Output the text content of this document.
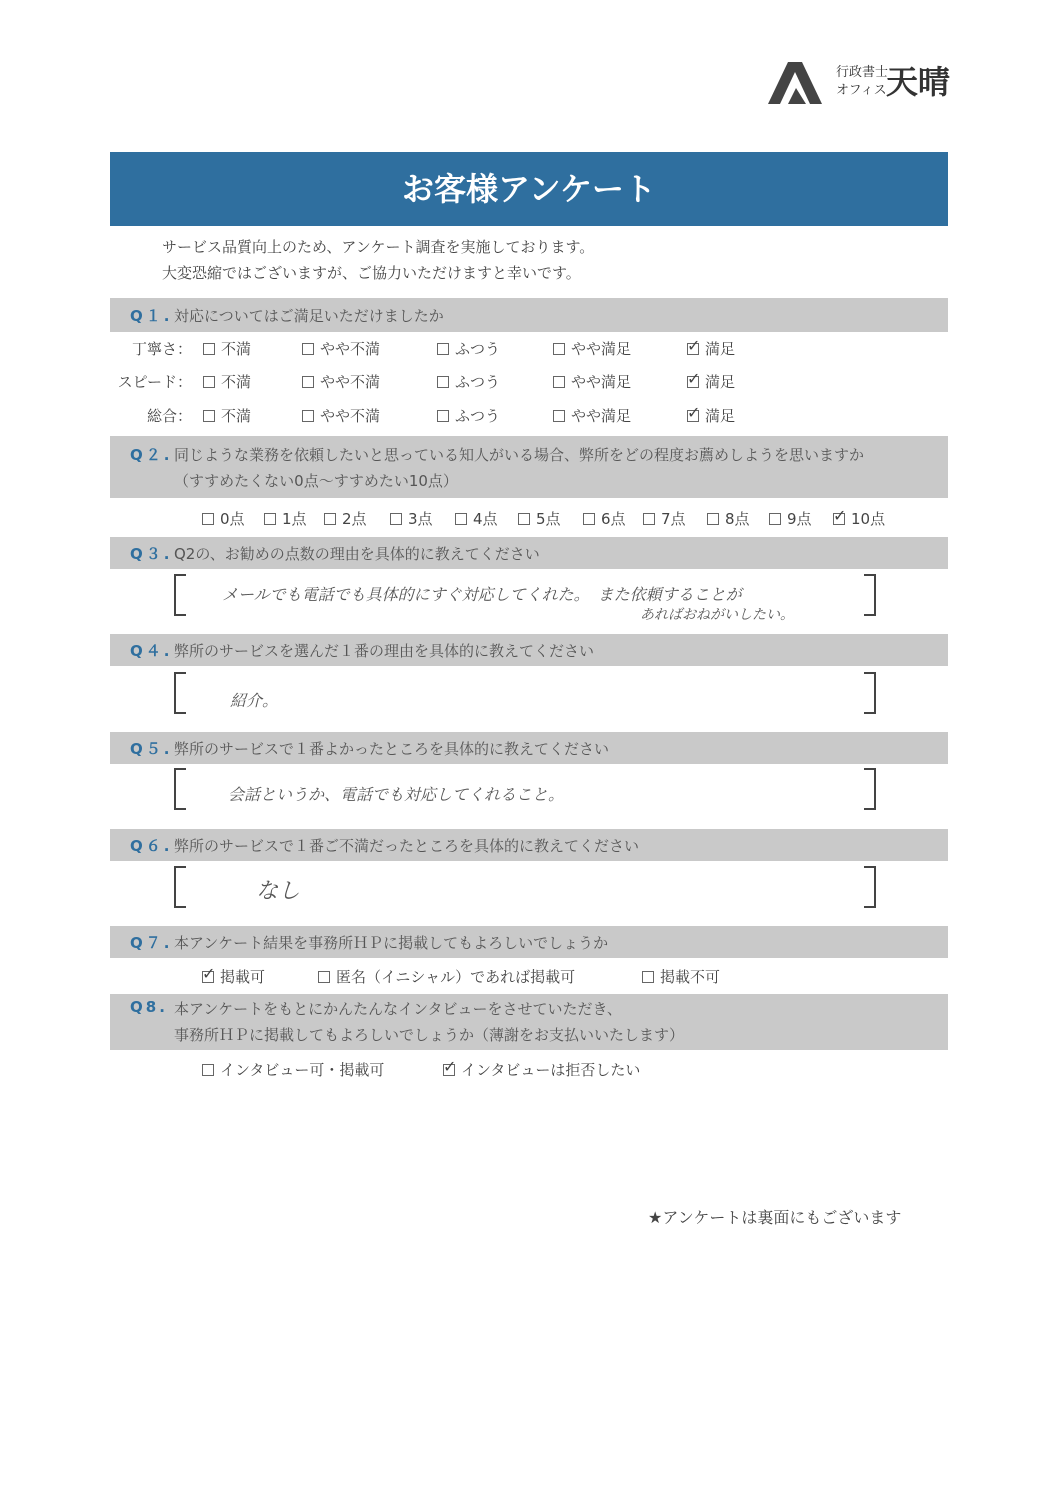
行政書士
オフィス 天晴
お客様アンケート
サービス品質向上のため、アンケート調査を実施しております。
大変恐縮ではございますが、ご協力いただけますと幸いです。
Q１. 対応についてはご満足いただけましたか
丁寧さ：	不満	やや不満	ふつう	やや満足 ✓	満足
スピード：	不満	やや不満	ふつう	やや満足 ✓	満足
総合：	不満	やや不満	ふつう	やや満足 ✓	満足
Q２. 同じような業務を依頼したいと思っている知人がいる場合、弊所をどの程度お薦めしようを思いますか
（すすめたくない0点～すすめたい10点）
0点	1点	2点	3点	4点	5点	6点	7点	8点	9点 ✓	10点
Q３. Q2の、お勧めの点数の理由を具体的に教えてください
メールでも電話でも具体的にすぐ対応してくれた。　また依頼することが
あればおねがいしたい。
Q４. 弊所のサービスを選んだ１番の理由を具体的に教えてください
紹介。
Q５. 弊所のサービスで１番よかったところを具体的に教えてください
会話というか、電話でも対応してくれること。
Q６. 弊所のサービスで１番ご不満だったところを具体的に教えてください
なし
Q７. 本アンケート結果を事務所ＨＰに掲載してもよろしいでしょうか
✓掲載可	匿名（イニシャル）であれば掲載可	掲載不可
Q8. 本アンケートをもとにかんたんなインタビューをさせていただき、
事務所ＨＰに掲載してもよろしいでしょうか（薄謝をお支払いいたします）
インタビュー可・掲載可 ✓	インタビューは拒否したい
★アンケートは裏面にもございます
